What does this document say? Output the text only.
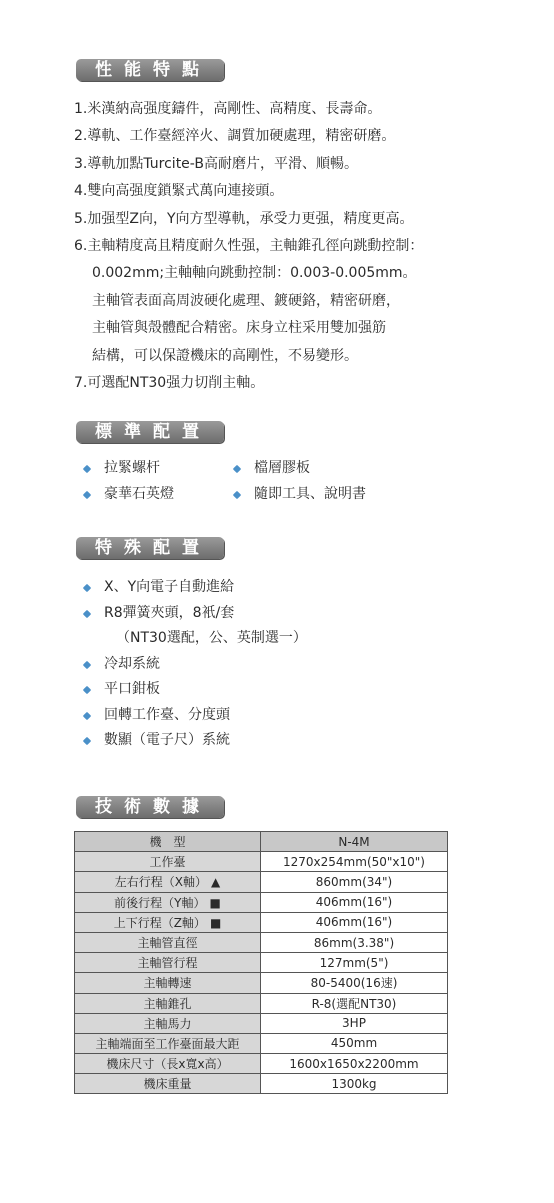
性能特點
1.米漢納高强度鑄件，高剛性、高精度、長壽命。
2.導軌、工作臺經淬火、調質加硬處理，精密研磨。
3.導軌加點Turcite-B高耐磨片，平滑、順暢。
4.雙向高强度鎖緊式萬向連接頭。
5.加强型Z向，Y向方型導軌，承受力更强，精度更高。
6.主軸精度高且精度耐久性强，主軸錐孔徑向跳動控制：
0.002mm;主軸軸向跳動控制：0.003-0.005mm。
主軸管表面高周波硬化處理、鍍硬鉻，精密研磨，
主軸管與殼體配合精密。床身立柱采用雙加强筋
結構，可以保證機床的高剛性，不易變形。
7.可選配NT30强力切削主軸。
標準配置
拉緊螺杆
豪華石英燈
檔層膠板
隨即工具、說明書
特殊配置
X、Y向電子自動進給
R8彈簧夾頭，8衹/套
（NT30選配，公、英制選一）
冷却系統
平口鉗板
回轉工作臺、分度頭
數顯（電子尺）系統
技術數據
機　型	N-4M
工作臺	1270x254mm(50"x10")
左右行程（X軸） ▲	860mm(34")
前後行程（Y軸） ■	406mm(16")
上下行程（Z軸） ■	406mm(16")
主軸管直徑	86mm(3.38")
主軸管行程	127mm(5")
主軸轉速	80-5400(16速)
主軸錐孔	R-8(選配NT30)
主軸馬力	3HP
主軸端面至工作臺面最大距	450mm
機床尺寸（長x寬x高）	1600x1650x2200mm
機床重量	1300kg
